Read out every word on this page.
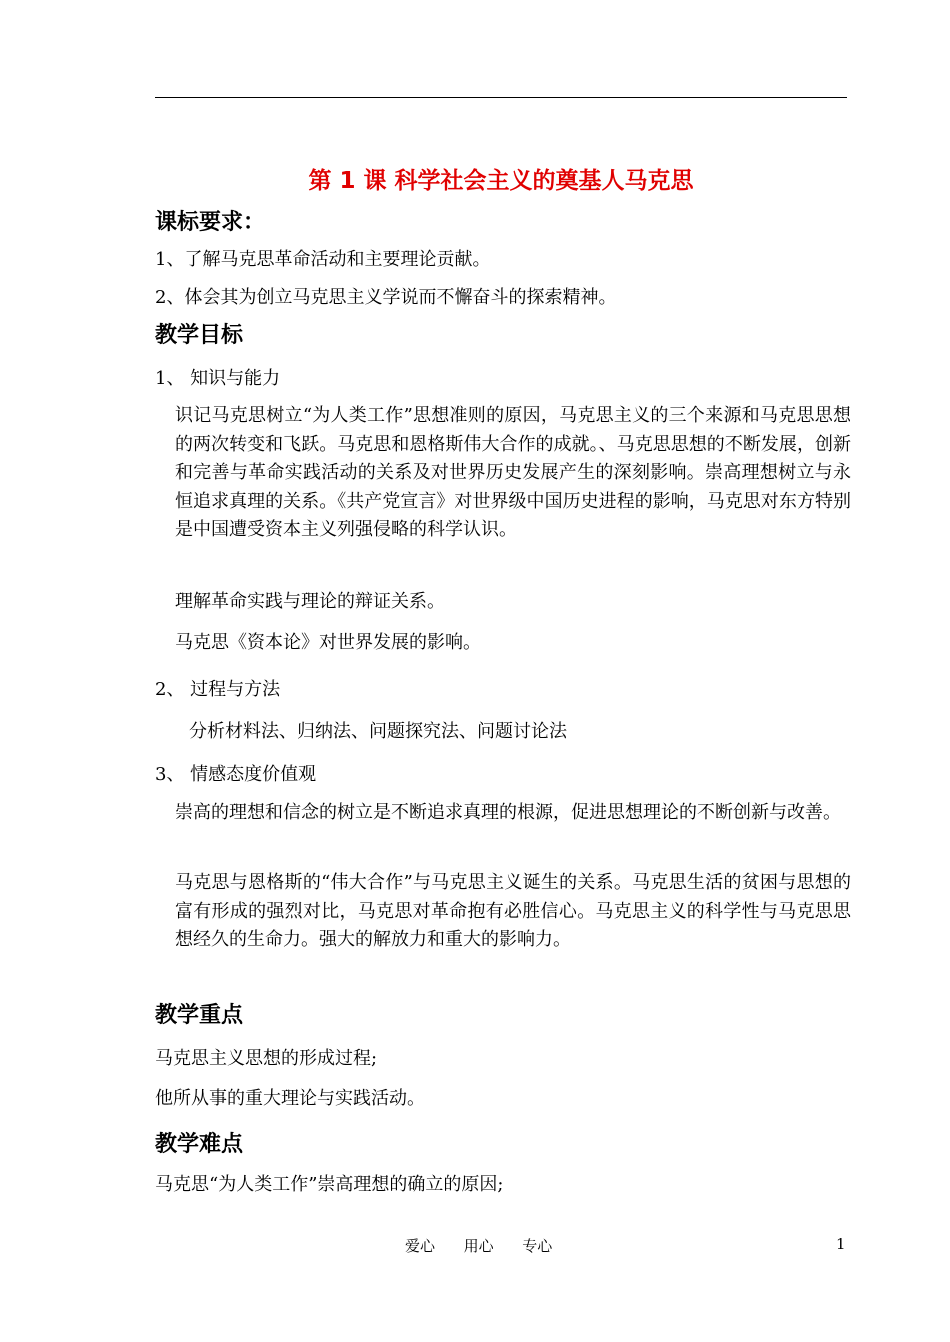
第 1 课 科学社会主义的奠基人马克思
课标要求：
1、了解马克思革命活动和主要理论贡献。
2、体会其为创立马克思主义学说而不懈奋斗的探索精神。
教学目标
1、 知识与能力
识记马克思树立“为人类工作”思想准则的原因，马克思主义的三个来源和马克思思想的两次转变和飞跃。马克思和恩格斯伟大合作的成就。、马克思思想的不断发展，创新和完善与革命实践活动的关系及对世界历史发展产生的深刻影响。崇高理想树立与永恒追求真理的关系。《共产党宣言》对世界级中国历史进程的影响，马克思对东方特别是中国遭受资本主义列强侵略的科学认识。
理解革命实践与理论的辩证关系。
马克思《资本论》对世界发展的影响。
2、 过程与方法
分析材料法、归纳法、问题探究法、问题讨论法
3、 情感态度价值观
崇高的理想和信念的树立是不断追求真理的根源，促进思想理论的不断创新与改善。
马克思与恩格斯的“伟大合作”与马克思主义诞生的关系。马克思生活的贫困与思想的富有形成的强烈对比，马克思对革命抱有必胜信心。马克思主义的科学性与马克思思想经久的生命力。强大的解放力和重大的影响力。
教学重点
马克思主义思想的形成过程;
他所从事的重大理论与实践活动。
教学难点
马克思“为人类工作”崇高理想的确立的原因;
爱心      用心      专心	1
